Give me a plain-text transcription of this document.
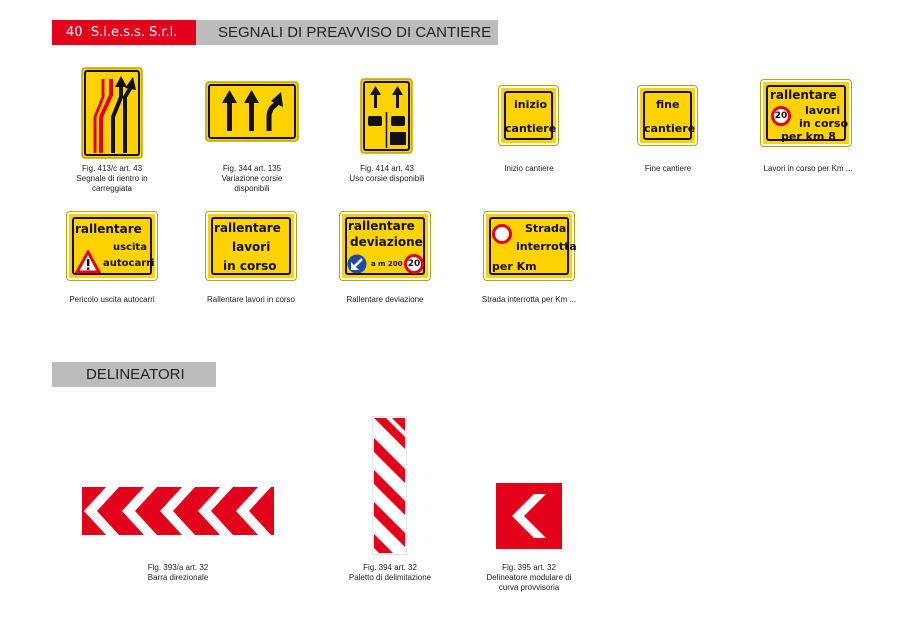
40 S.i.e.s.s. S.r.l.	SEGNALI DI PREAVVISO DI CANTIERE
Fig. 413/c art. 43
Segnale di rientro in
carreggiata
Fig. 344 art. 135
Variazione corsie
disponibili
Fig. 414 art. 43
Uso corsie disponibili
inizio
cantiere
Inizio cantiere
fine
cantiere
Fine cantiere
rallentare
20	lavori
in corso
per km 8
Lavori in corso per Km ...
rallentare
uscita
autocarri
Pericolo uscita autocarri
rallentare
lavori
in corso
Rallentare lavori in corso
rallentare
deviazione
a m 200 20
Rallentare deviazione
Strada
interrotta
per Km
Strada interrotta per Km ...
DELINEATORI
Fig. 393/a art. 32
Barra direzionale
Fig. 394 art. 32
Paletto di delimitazione
Fig. 395 art. 32
Delineatore modulare di
curva provvisoria
